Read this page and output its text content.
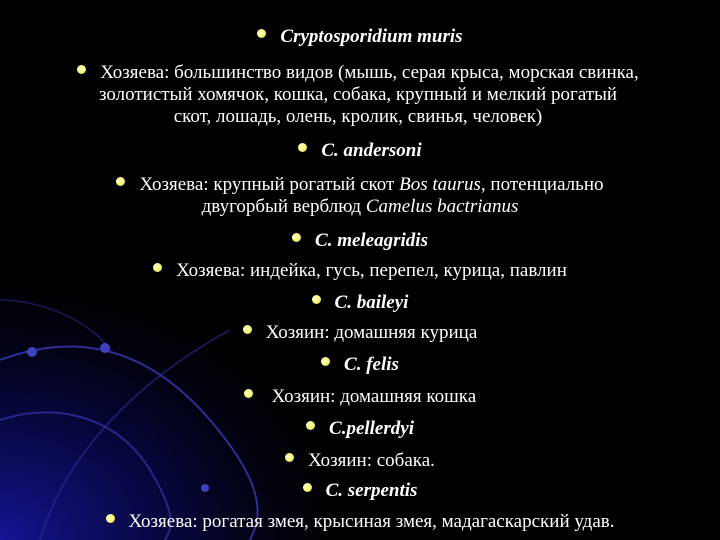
Cryptosporidium muris
Хозяева: большинство видов (мышь, серая крыса, морская свинка,
золотистый хомячок, кошка, собака, крупный и мелкий рогатый
скот, лошадь, олень, кролик, свинья, человек)
C. andersoni
Хозяева: крупный рогатый скот Bos taurus, потенциально
двугорбый верблюд Camelus bactrianus
C. meleagridis
Хозяева: индейка, гусь, перепел, курица, павлин
C. baileyi
Хозяин: домашняя курица
C. felis
Хозяин: домашняя кошка
C.pellerdyi
Хозяин: собака.
C. serpentis
Хозяева: рогатая змея, крысиная змея, мадагаскарский удав.
